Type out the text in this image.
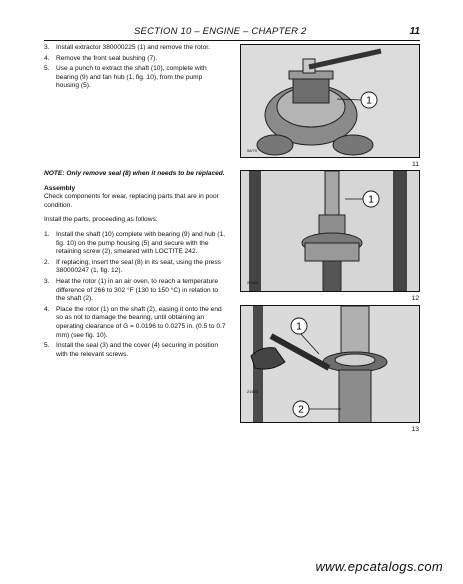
SECTION 10 – ENGINE – CHAPTER 2	11
3. Install extractor 380000225 (1) and remove the rotor.
4. Remove the front seal bushing (7).
5. Use a punch to extract the shaft (10), complete with bearing (9) and fan hub (1, fig. 10), from the pump housing (5).

NOTE: Only remove seal (8) when it needs to be replaced.

Assembly

Check components for wear, replacing parts that are in poor condition.

Install the parts, proceeding as follows:

1. Install the shaft (10) complete with bearing (9) and hub (1, fig. 10) on the pump housing (5) and secure with the retaining screw (2), smeared with LOCTITE 242.
2. If replacing, insert the seal (8) in its seat, using the press 380000247 (1, fig. 12).
3. Heat the rotor (1) in an air oven, to reach a temperature difference of 266 to 302 °F (130 to 150 °C) in relation to the shaft (2).
4. Place the rotor (1) on the shaft (2), easing it onto the end so as not to damage the bearing, until obtaining an operating clearance of G = 0.0196 to 0.0275 in. (0.5 to 0.7 mm) (see fig. 10).
5. Install the seal (3) and the cover (4) securing in position with the relevant screws.
1
58/70
11
1
21662
12
1
2
21663
13
www.epcatalogs.com
